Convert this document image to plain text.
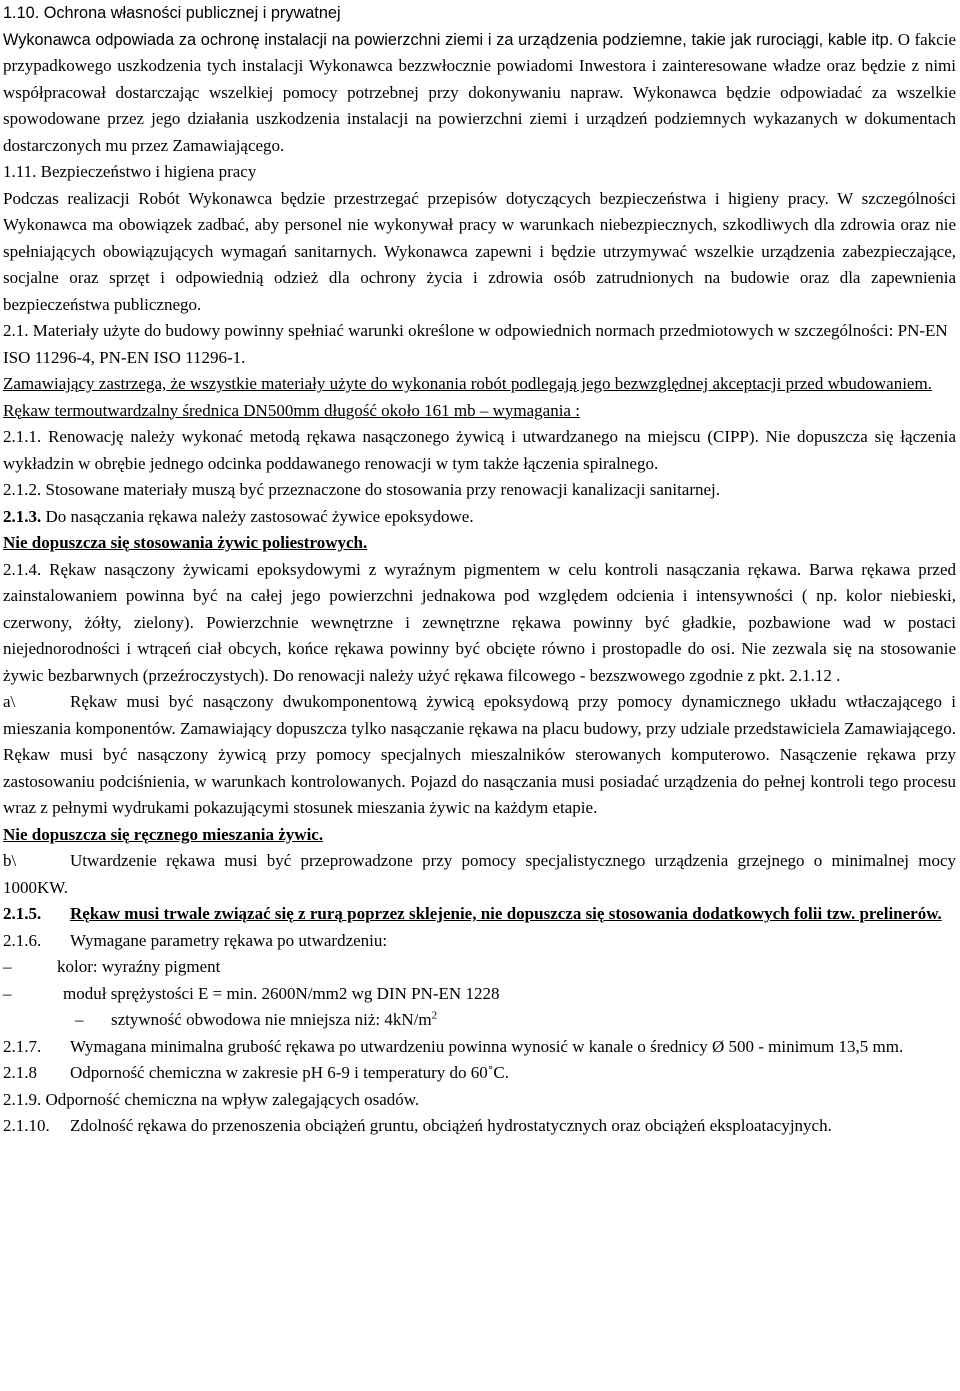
1.10. Ochrona własności publicznej i prywatnej

Wykonawca odpowiada za ochronę instalacji na powierzchni ziemi i za urządzenia podziemne, takie jak rurociągi, kable itp. O fakcie przypadkowego uszkodzenia tych instalacji Wykonawca bezzwłocznie powiadomi Inwestora i zainteresowane władze oraz będzie z nimi współpracował dostarczając wszelkiej pomocy potrzebnej przy dokonywaniu napraw. Wykonawca będzie odpowiadać za wszelkie spowodowane przez jego działania uszkodzenia instalacji na powierzchni ziemi i urządzeń podziemnych wykazanych w dokumentach dostarczonych mu przez Zamawiającego.

1.11. Bezpieczeństwo i higiena pracy

Podczas realizacji Robót Wykonawca będzie przestrzegać przepisów dotyczących bezpieczeństwa i higieny pracy. W szczególności Wykonawca ma obowiązek zadbać, aby personel nie wykonywał pracy w warunkach niebezpiecznych, szkodliwych dla zdrowia oraz nie spełniających obowiązujących wymagań sanitarnych. Wykonawca zapewni i będzie utrzymywać wszelkie urządzenia zabezpieczające, socjalne oraz sprzęt i odpowiednią odzież dla ochrony życia i zdrowia osób zatrudnionych na budowie oraz dla zapewnienia bezpieczeństwa publicznego.

2.1. Materiały użyte do budowy powinny spełniać warunki określone w odpowiednich normach przedmiotowych w szczególności: PN-EN ISO 11296-4, PN-EN ISO 11296-1.

Zamawiający zastrzega, że wszystkie materiały użyte do wykonania robót podlegają jego bezwzględnej akceptacji przed wbudowaniem.

Rękaw termoutwardzalny średnica DN500mm długość około 161 mb – wymagania :

2.1.1. Renowację należy wykonać metodą rękawa nasączonego żywicą i utwardzanego na miejscu (CIPP). Nie dopuszcza się łączenia wykładzin w obrębie jednego odcinka poddawanego renowacji w tym także łączenia spiralnego.

2.1.2. Stosowane materiały muszą być przeznaczone do stosowania przy renowacji kanalizacji sanitarnej.

2.1.3. Do nasączania rękawa należy zastosować żywice epoksydowe.

Nie dopuszcza się stosowania żywic poliestrowych.

2.1.4. Rękaw nasączony żywicami epoksydowymi z wyraźnym pigmentem w celu kontroli nasączania rękawa. Barwa rękawa przed zainstalowaniem powinna być na całej jego powierzchni jednakowa pod względem odcienia i intensywności ( np. kolor niebieski, czerwony, żółty, zielony). Powierzchnie wewnętrzne i zewnętrzne rękawa powinny być gładkie, pozbawione wad w postaci niejednorodności i wtrąceń ciał obcych, końce rękawa powinny być obcięte równo i prostopadle do osi. Nie zezwala się na stosowanie żywic bezbarwnych (przeźroczystych). Do renowacji należy użyć rękawa filcowego - bezszwowego zgodnie z pkt. 2.1.12 .

a\	Rękaw musi być nasączony dwukomponentową żywicą epoksydową przy pomocy dynamicznego układu wtłaczającego i mieszania komponentów. Zamawiający dopuszcza tylko nasączanie rękawa na placu budowy, przy udziale przedstawiciela Zamawiającego. Rękaw musi być nasączony żywicą przy pomocy specjalnych mieszalników sterowanych komputerowo. Nasączenie rękawa przy zastosowaniu podciśnienia, w warunkach kontrolowanych. Pojazd do nasączania musi posiadać urządzenia do pełnej kontroli tego procesu wraz z pełnymi wydrukami pokazującymi stosunek mieszania żywic na każdym etapie.

Nie dopuszcza się ręcznego mieszania żywic.

b\	Utwardzenie rękawa musi być przeprowadzone przy pomocy specjalistycznego urządzenia grzejnego o minimalnej mocy 1000KW.

2.1.5.	Rękaw musi trwale związać się z rurą poprzez sklejenie, nie dopuszcza się stosowania dodatkowych folii tzw. prelinerów.
2.1.6.	Wymagane parametry rękawa po utwardzeniu:
–	kolor: wyraźny pigment
–	moduł sprężystości E = min. 2600N/mm2 wg DIN PN-EN 1228
–	sztywność obwodowa nie mniejsza niż: $4kN/m^2$
2.1.7. Wymagana minimalna grubość rękawa po utwardzeniu powinna wynosić w kanale o średnicy Ø 500 - minimum 13,5 mm.
2.1.8	Odporność chemiczna w zakresie pH 6-9 i temperatury do 60˚C.

2.1.9. Odporność chemiczna na wpływ zalegających osadów.

2.1.10.	Zdolność rękawa do przenoszenia obciążeń gruntu, obciążeń hydrostatycznych oraz obciążeń eksploatacyjnych.
